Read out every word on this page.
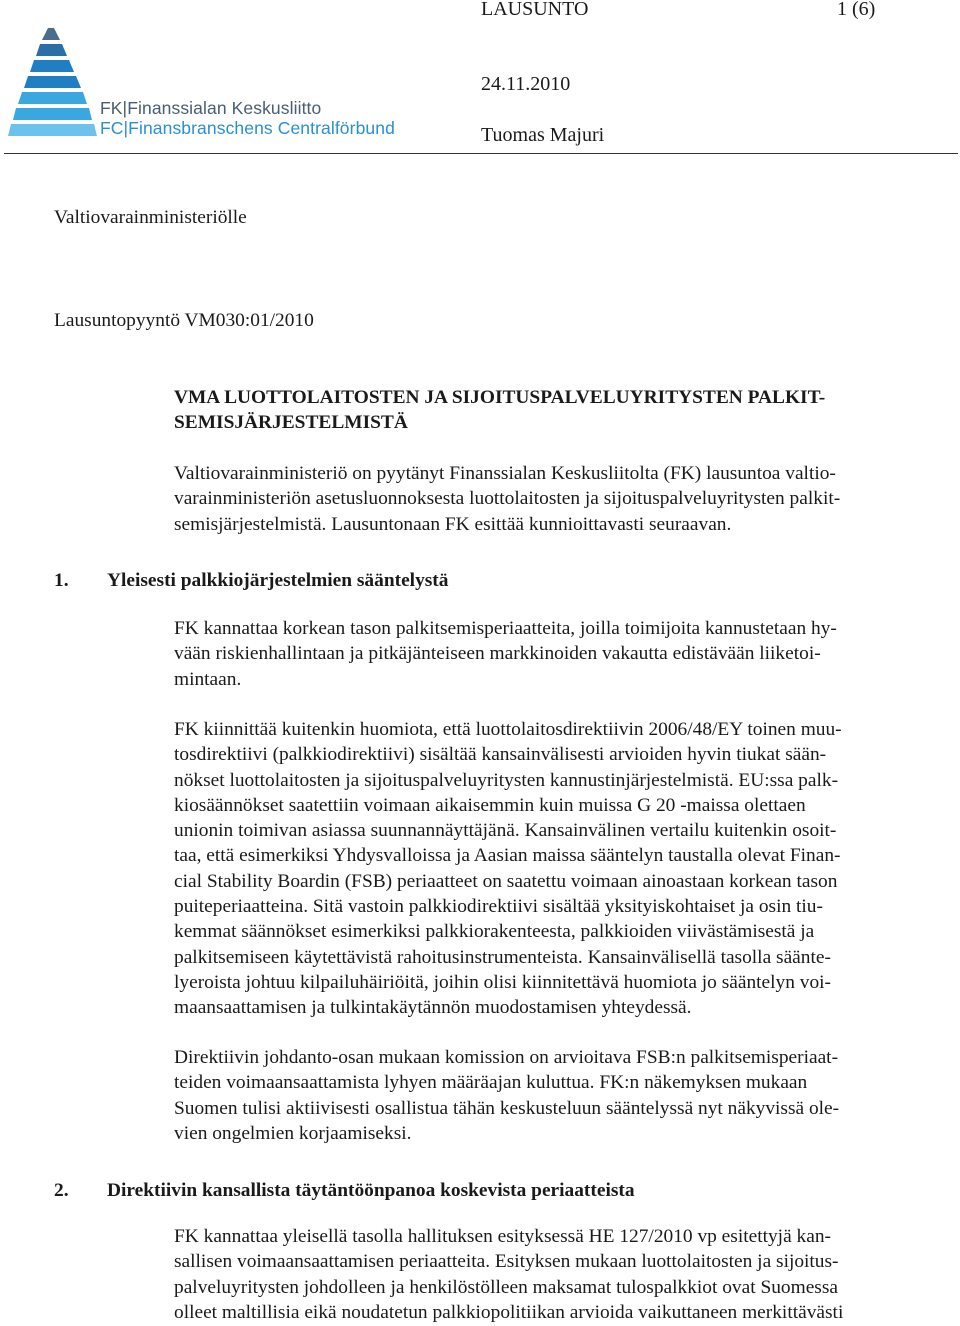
LAUSUNTO	1 (6)
24.11.2010
Tuomas Majuri
FK|Finanssialan Keskusliitto
FC|Finansbranschens Centralförbund
Valtiovarainministeriölle
Lausuntopyyntö VM030:01/2010
VMA LUOTTOLAITOSTEN JA SIJOITUSPALVELUYRITYSTEN PALKIT-
SEMISJÄRJESTELMISTÄ
Valtiovarainministeriö on pyytänyt Finanssialan Keskusliitolta (FK) lausuntoa valtio-
varainministeriön asetusluonnoksesta luottolaitosten ja sijoituspalveluyritysten palkit-
semisjärjestelmistä. Lausuntonaan FK esittää kunnioittavasti seuraavan.
1. Yleisesti palkkiojärjestelmien sääntelystä
FK kannattaa korkean tason palkitsemisperiaatteita, joilla toimijoita kannustetaan hy-
vään riskienhallintaan ja pitkäjänteiseen markkinoiden vakautta edistävään liiketoi-
mintaan.
FK kiinnittää kuitenkin huomiota, että luottolaitosdirektiivin 2006/48/EY toinen muu-
tosdirektiivi (palkkiodirektiivi) sisältää kansainvälisesti arvioiden hyvin tiukat sään-
nökset luottolaitosten ja sijoituspalveluyritysten kannustinjärjestelmistä. EU:ssa palk-
kiosäännökset saatettiin voimaan aikaisemmin kuin muissa G 20 -maissa olettaen
unionin toimivan asiassa suunnannäyttäjänä. Kansainvälinen vertailu kuitenkin osoit-
taa, että esimerkiksi Yhdysvalloissa ja Aasian maissa sääntelyn taustalla olevat Finan-
cial Stability Boardin (FSB) periaatteet on saatettu voimaan ainoastaan korkean tason
puiteperiaatteina. Sitä vastoin palkkiodirektiivi sisältää yksityiskohtaiset ja osin tiu-
kemmat säännökset esimerkiksi palkkiorakenteesta, palkkioiden viivästämisestä ja
palkitsemiseen käytettävistä rahoitusinstrumenteista. Kansainvälisellä tasolla säänte-
lyeroista johtuu kilpailuhäiriöitä, joihin olisi kiinnitettävä huomiota jo sääntelyn voi-
maansaattamisen ja tulkintakäytännön muodostamisen yhteydessä.
Direktiivin johdanto-osan mukaan komission on arvioitava FSB:n palkitsemisperiaat-
teiden voimaansaattamista lyhyen määräajan kuluttua. FK:n näkemyksen mukaan
Suomen tulisi aktiivisesti osallistua tähän keskusteluun sääntelyssä nyt näkyvissä ole-
vien ongelmien korjaamiseksi.
2. Direktiivin kansallista täytäntöönpanoa koskevista periaatteista
FK kannattaa yleisellä tasolla hallituksen esityksessä HE 127/2010 vp esitettyjä kan-
sallisen voimaansaattamisen periaatteita. Esityksen mukaan luottolaitosten ja sijoitus-
palveluyritysten johdolleen ja henkilöstölleen maksamat tulospalkkiot ovat Suomessa
olleet maltillisia eikä noudatetun palkkiopolitiikan arvioida vaikuttaneen merkittävästi
